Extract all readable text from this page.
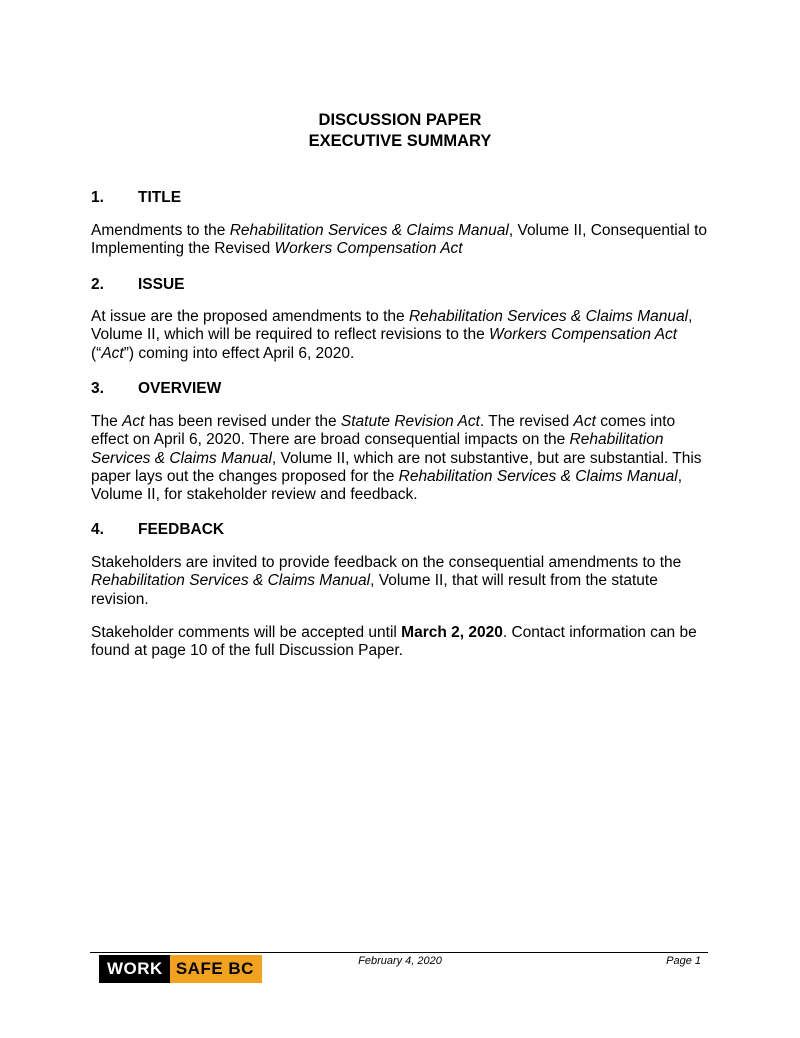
DISCUSSION PAPER
EXECUTIVE SUMMARY
1. TITLE
Amendments to the Rehabilitation Services & Claims Manual, Volume II, Consequential to Implementing the Revised Workers Compensation Act
2. ISSUE
At issue are the proposed amendments to the Rehabilitation Services & Claims Manual, Volume II, which will be required to reflect revisions to the Workers Compensation Act (“Act”) coming into effect April 6, 2020.
3. OVERVIEW
The Act has been revised under the Statute Revision Act. The revised Act comes into effect on April 6, 2020. There are broad consequential impacts on the Rehabilitation Services & Claims Manual, Volume II, which are not substantive, but are substantial. This paper lays out the changes proposed for the Rehabilitation Services & Claims Manual, Volume II, for stakeholder review and feedback.
4. FEEDBACK
Stakeholders are invited to provide feedback on the consequential amendments to the Rehabilitation Services & Claims Manual, Volume II, that will result from the statute revision.
Stakeholder comments will be accepted until March 2, 2020. Contact information can be found at page 10 of the full Discussion Paper.
WORK SAFE BC	February 4, 2020	Page 1
